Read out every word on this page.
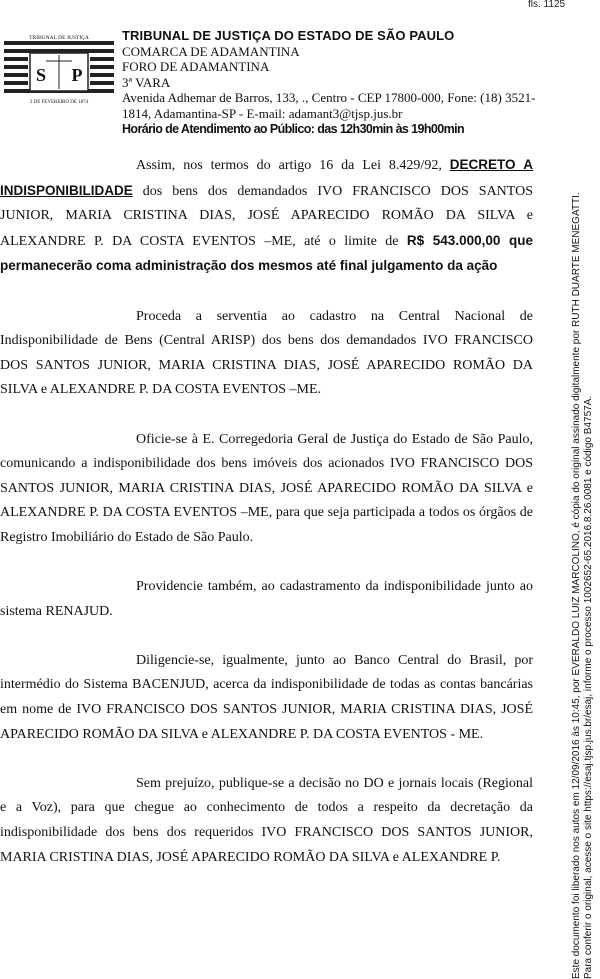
fls. 1125
S P
TRIBUNAL DE JUSTIÇA
3 DE FEVEREIRO DE 1874
TRIBUNAL DE JUSTIÇA DO ESTADO DE SÃO PAULO
COMARCA DE ADAMANTINA
FORO DE ADAMANTINA
3ª VARA
Avenida Adhemar de Barros, 133, ., Centro - CEP 17800-000, Fone: (18) 3521-1814, Adamantina-SP - E-mail: adamant3@tjsp.jus.br
Horário de Atendimento ao Público: das 12h30min às 19h00min

Assim, nos termos do artigo 16 da Lei 8.429/92, DECRETO A INDISPONIBILIDADE dos bens dos demandados IVO FRANCISCO DOS SANTOS JUNIOR, MARIA CRISTINA DIAS, JOSÉ APARECIDO ROMÃO DA SILVA e ALEXANDRE P. DA COSTA EVENTOS –ME, até o limite de R$ 543.000,00 que permanecerão coma administração dos mesmos até final julgamento da ação

Proceda a serventia ao cadastro na Central Nacional de Indisponibilidade de Bens (Central ARISP) dos bens dos demandados IVO FRANCISCO DOS SANTOS JUNIOR, MARIA CRISTINA DIAS, JOSÉ APARECIDO ROMÃO DA SILVA e ALEXANDRE P. DA COSTA EVENTOS –ME.

Oficie-se à E. Corregedoria Geral de Justiça do Estado de São Paulo, comunicando a indisponibilidade dos bens imóveis dos acionados IVO FRANCISCO DOS SANTOS JUNIOR, MARIA CRISTINA DIAS, JOSÉ APARECIDO ROMÃO DA SILVA e ALEXANDRE P. DA COSTA EVENTOS –ME, para que seja participada a todos os órgãos de Registro Imobiliário do Estado de São Paulo.

Providencie também, ao cadastramento da indisponibilidade junto ao sistema RENAJUD.

Diligencie-se, igualmente, junto ao Banco Central do Brasil, por intermédio do Sistema BACENJUD, acerca da indisponibilidade de todas as contas bancárias em nome de IVO FRANCISCO DOS SANTOS JUNIOR, MARIA CRISTINA DIAS, JOSÉ APARECIDO ROMÃO DA SILVA e ALEXANDRE P. DA COSTA EVENTOS - ME.

Sem prejuízo, publique-se a decisão no DO e jornais locais (Regional e a Voz), para que chegue ao conhecimento de todos a respeito da decretação da indisponibilidade dos bens dos requeridos IVO FRANCISCO DOS SANTOS JUNIOR, MARIA CRISTINA DIAS, JOSÉ APARECIDO ROMÃO DA SILVA e ALEXANDRE P.	Este documento foi liberado nos autos em 12/09/2016 às 10:45, por EVERALDO LUIZ MARCOLINO, é cópia do original assinado digitalmente por RUTH DUARTE MENEGATTI. Para conferir o original, acesse o site https://esaj.tjsp.jus.br/esaj, informe o processo 1002652-65.2016.8.26.0081 e código B4757A.
